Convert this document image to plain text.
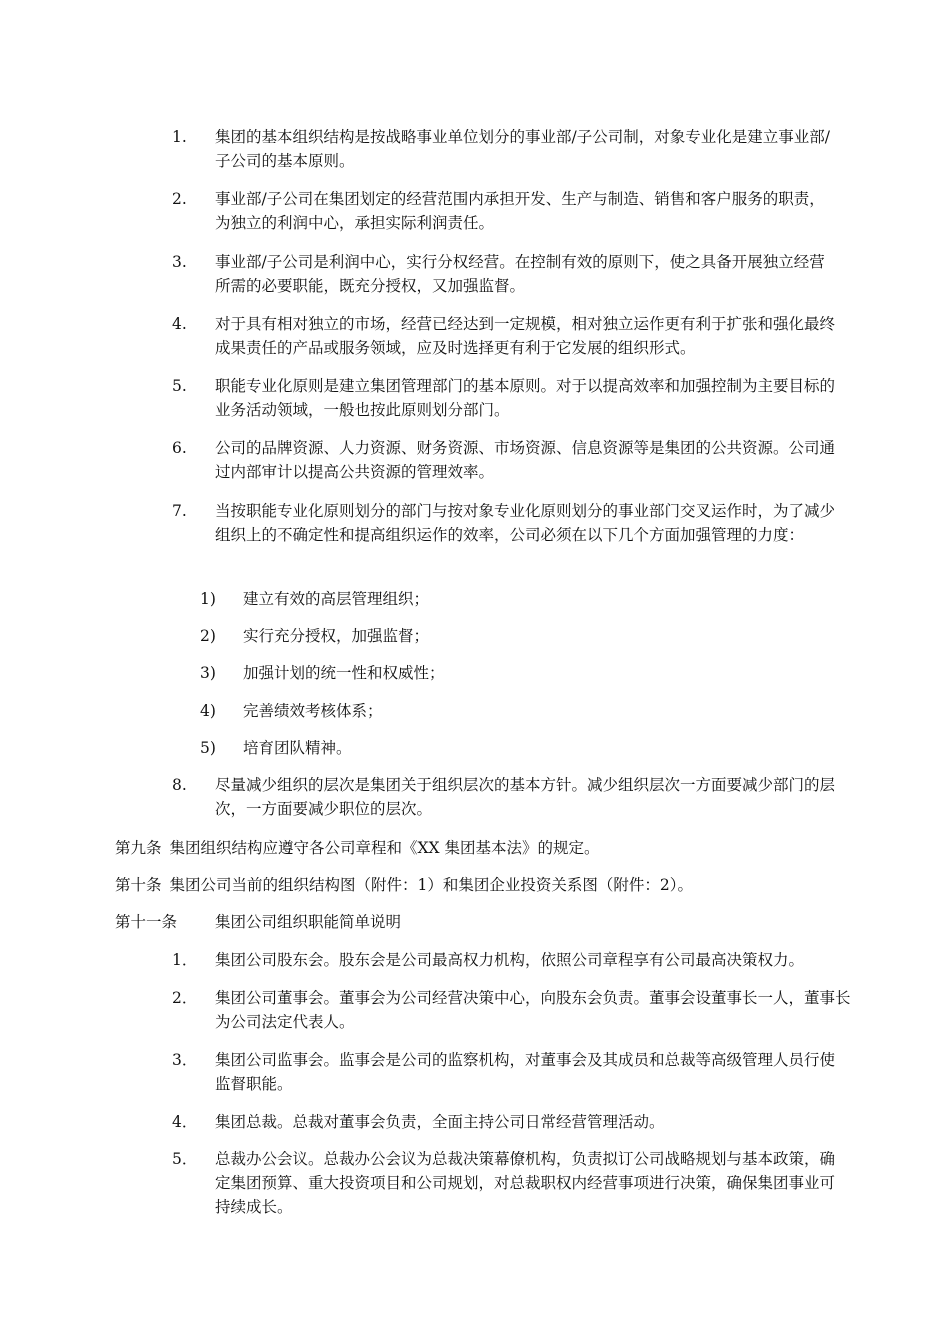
1. 集团的基本组织结构是按战略事业单位划分的事业部/子公司制，对象专业化是建立事业部/子公司的基本原则。
2. 事业部/子公司在集团划定的经营范围内承担开发、生产与制造、销售和客户服务的职责，为独立的利润中心，承担实际利润责任。
3. 事业部/子公司是利润中心，实行分权经营。在控制有效的原则下，使之具备开展独立经营所需的必要职能，既充分授权，又加强监督。
4. 对于具有相对独立的市场，经营已经达到一定规模，相对独立运作更有利于扩张和强化最终成果责任的产品或服务领域，应及时选择更有利于它发展的组织形式。
5. 职能专业化原则是建立集团管理部门的基本原则。对于以提高效率和加强控制为主要目标的业务活动领域，一般也按此原则划分部门。
6. 公司的品牌资源、人力资源、财务资源、市场资源、信息资源等是集团的公共资源。公司通过内部审计以提高公共资源的管理效率。
7. 当按职能专业化原则划分的部门与按对象专业化原则划分的事业部门交叉运作时，为了减少组织上的不确定性和提高组织运作的效率，公司必须在以下几个方面加强管理的力度：
1) 建立有效的高层管理组织；
2) 实行充分授权，加强监督；
3) 加强计划的统一性和权威性；
4) 完善绩效考核体系；
5) 培育团队精神。
8. 尽量减少组织的层次是集团关于组织层次的基本方针。减少组织层次一方面要减少部门的层次，一方面要减少职位的层次。
第九条 集团组织结构应遵守各公司章程和《XX 集团基本法》的规定。
第十条 集团公司当前的组织结构图（附件：1）和集团企业投资关系图（附件：2）。
第十一条 集团公司组织职能简单说明
1． 集团公司股东会。股东会是公司最高权力机构，依照公司章程享有公司最高决策权力。
2． 集团公司董事会。董事会为公司经营决策中心，向股东会负责。董事会设董事长一人，董事长为公司法定代表人。
3． 集团公司监事会。监事会是公司的监察机构，对董事会及其成员和总裁等高级管理人员行使监督职能。
4． 集团总裁。总裁对董事会负责，全面主持公司日常经营管理活动。
5． 总裁办公会议。总裁办公会议为总裁决策幕僚机构，负责拟订公司战略规划与基本政策，确定集团预算、重大投资项目和公司规划，对总裁职权内经营事项进行决策，确保集团事业可持续成长。
